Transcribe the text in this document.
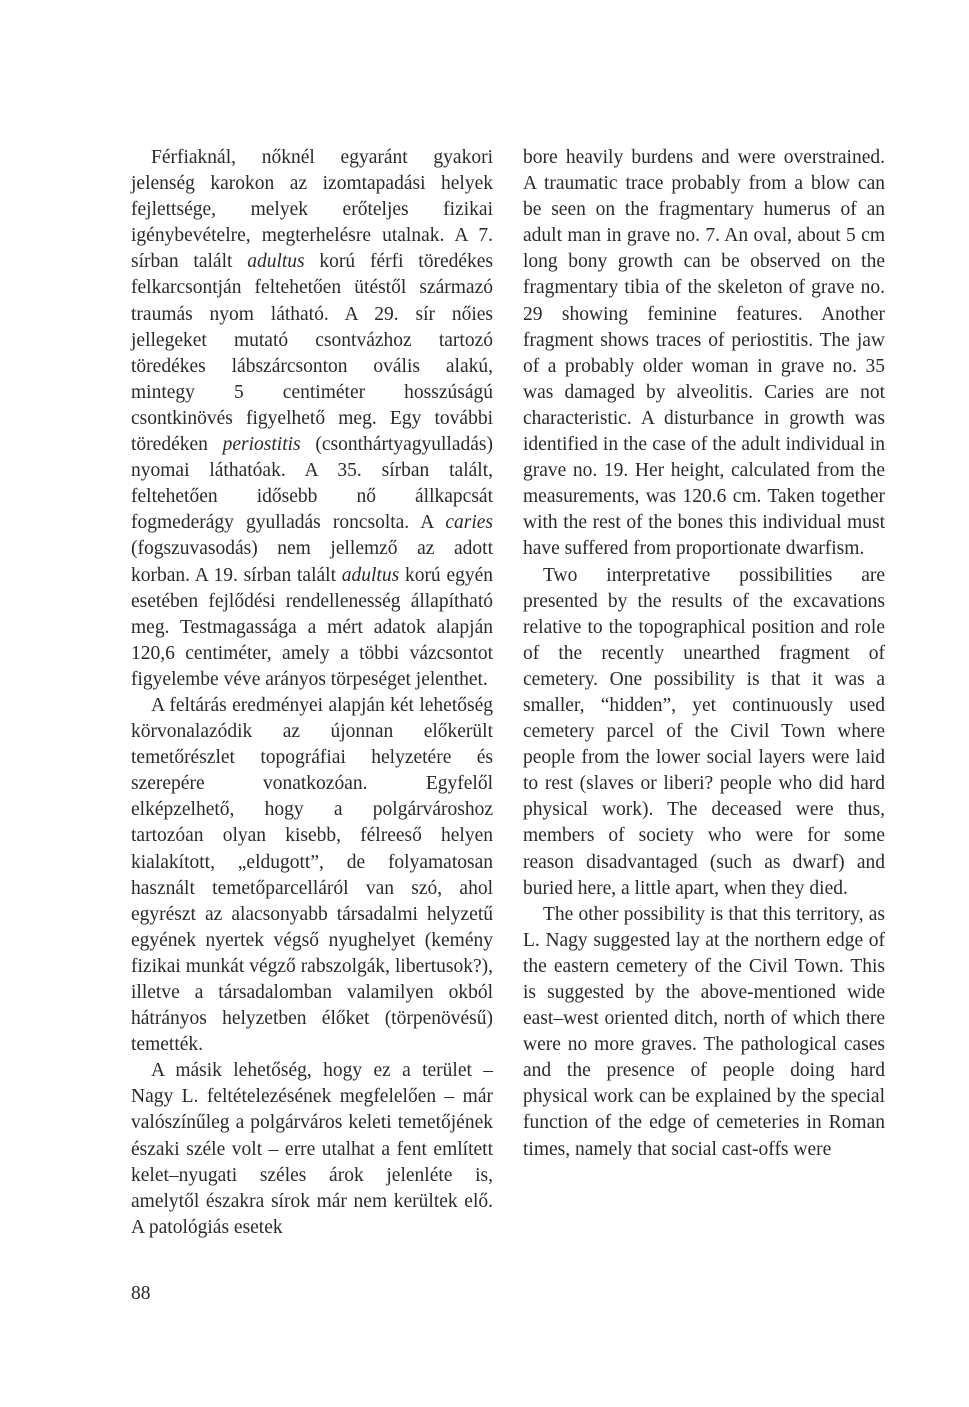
Férfiaknál, nőknél egyaránt gyakori jelenség karokon az izomtapadási helyek fejlettsége, melyek erőteljes fizikai igénybevételre, megterhelésre utalnak. A 7. sírban talált adultus korú férfi töredékes felkarcsontján feltehetően ütéstől származó traumás nyom látható. A 29. sír nőies jellegeket mutató csontvázhoz tartozó töredékes lábszárcsonton ovális alakú, mintegy 5 centiméter hosszúságú csontkinövés figyelhető meg. Egy további töredéken periostitis (csonthártyagyulladás) nyomai láthatóak. A 35. sírban talált, feltehetően idősebb nő állkapcsát fogmederágy gyulladás roncsolta. A caries (fogszuvasodás) nem jellemző az adott korban. A 19. sírban talált adultus korú egyén esetében fejlődési rendellenesség állapítható meg. Testmagassága a mért adatok alapján 120,6 centiméter, amely a többi vázcsontot figyelembe véve arányos törpeséget jelenthet.

A feltárás eredményei alapján két lehetőség körvonalazódik az újonnan előkerült temetőrészlet topográfiai helyzetére és szerepére vonatkozóan. Egyfelől elképzelhető, hogy a polgárvároshoz tartozóan olyan kisebb, félreeső helyen kialakított, „eldugott”, de folyamatosan használt temetőparcelláról van szó, ahol egyrészt az alacsonyabb társadalmi helyzetű egyének nyertek végső nyughelyet (kemény fizikai munkát végző rabszolgák, libertusok?), illetve a társadalomban valamilyen okból hátrányos helyzetben élőket (törpenövésű) temették.

A másik lehetőség, hogy ez a terület – Nagy L. feltételezésének megfelelően – már valószínűleg a polgárváros keleti temetőjének északi széle volt – erre utalhat a fent említett kelet–nyugati széles árok jelenléte is, amelytől északra sírok már nem kerültek elő. A patológiás esetek

bore heavily burdens and were overstrained. A traumatic trace probably from a blow can be seen on the fragmentary humerus of an adult man in grave no. 7. An oval, about 5 cm long bony growth can be observed on the fragmentary tibia of the skeleton of grave no. 29 showing feminine features. Another fragment shows traces of periostitis. The jaw of a probably older woman in grave no. 35 was damaged by alveolitis. Caries are not characteristic. A disturbance in growth was identified in the case of the adult individual in grave no. 19. Her height, calculated from the measurements, was 120.6 cm. Taken together with the rest of the bones this individual must have suffered from proportionate dwarfism.

Two interpretative possibilities are presented by the results of the excavations relative to the topographical position and role of the recently unearthed fragment of cemetery. One possibility is that it was a smaller, “hidden”, yet continuously used cemetery parcel of the Civil Town where people from the lower social layers were laid to rest (slaves or liberi? people who did hard physical work). The deceased were thus, members of society who were for some reason disadvantaged (such as dwarf) and buried here, a little apart, when they died.

The other possibility is that this territory, as L. Nagy suggested lay at the northern edge of the eastern cemetery of the Civil Town. This is suggested by the above-mentioned wide east–west oriented ditch, north of which there were no more graves. The pathological cases and the presence of people doing hard physical work can be explained by the special function of the edge of cemeteries in Roman times, namely that social cast-offs were

88
